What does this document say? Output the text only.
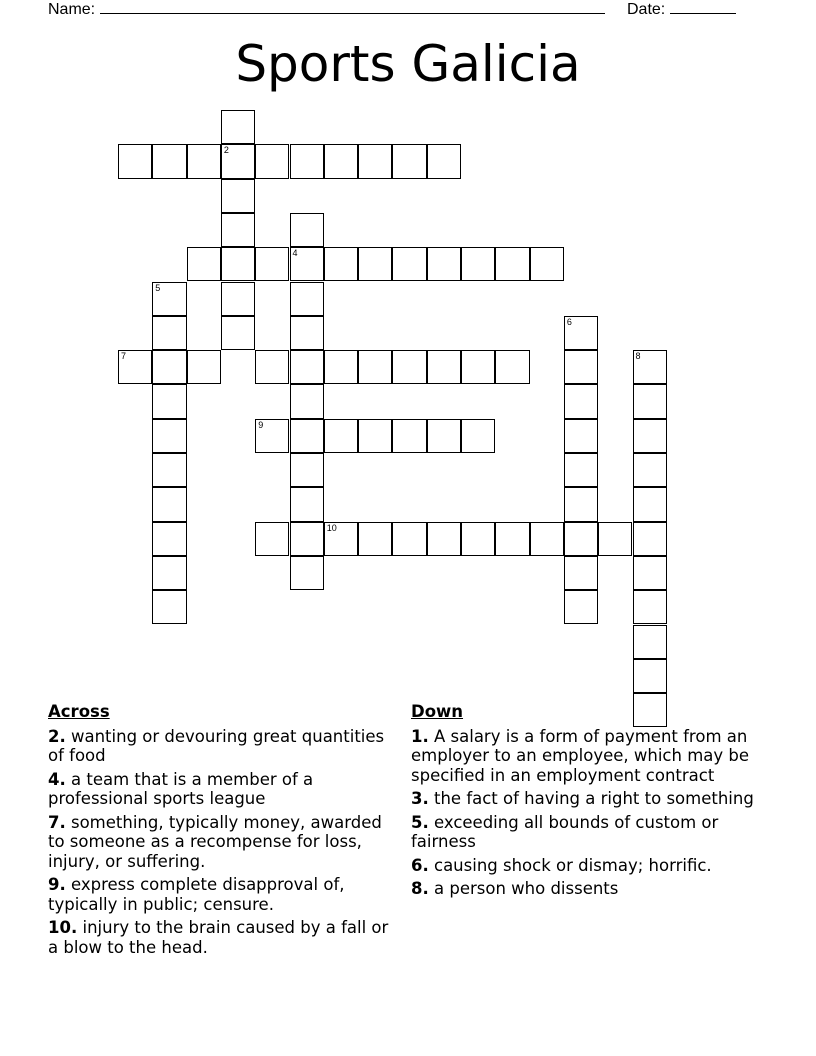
Name:	Date:
Sports Galicia
2
4
5
7
6
8
9
10
Across
2. wanting or devouring great quantities of food
4. a team that is a member of a professional sports league
7. something, typically money, awarded to someone as a recompense for loss, injury, or suffering.
9. express complete disapproval of, typically in public; censure.
10. injury to the brain caused by a fall or a blow to the head.
Down
1. A salary is a form of payment from an employer to an employee, which may be specified in an employment contract
3. the fact of having a right to something
5. exceeding all bounds of custom or fairness
6. causing shock or dismay; horrific.
8. a person who dissents
